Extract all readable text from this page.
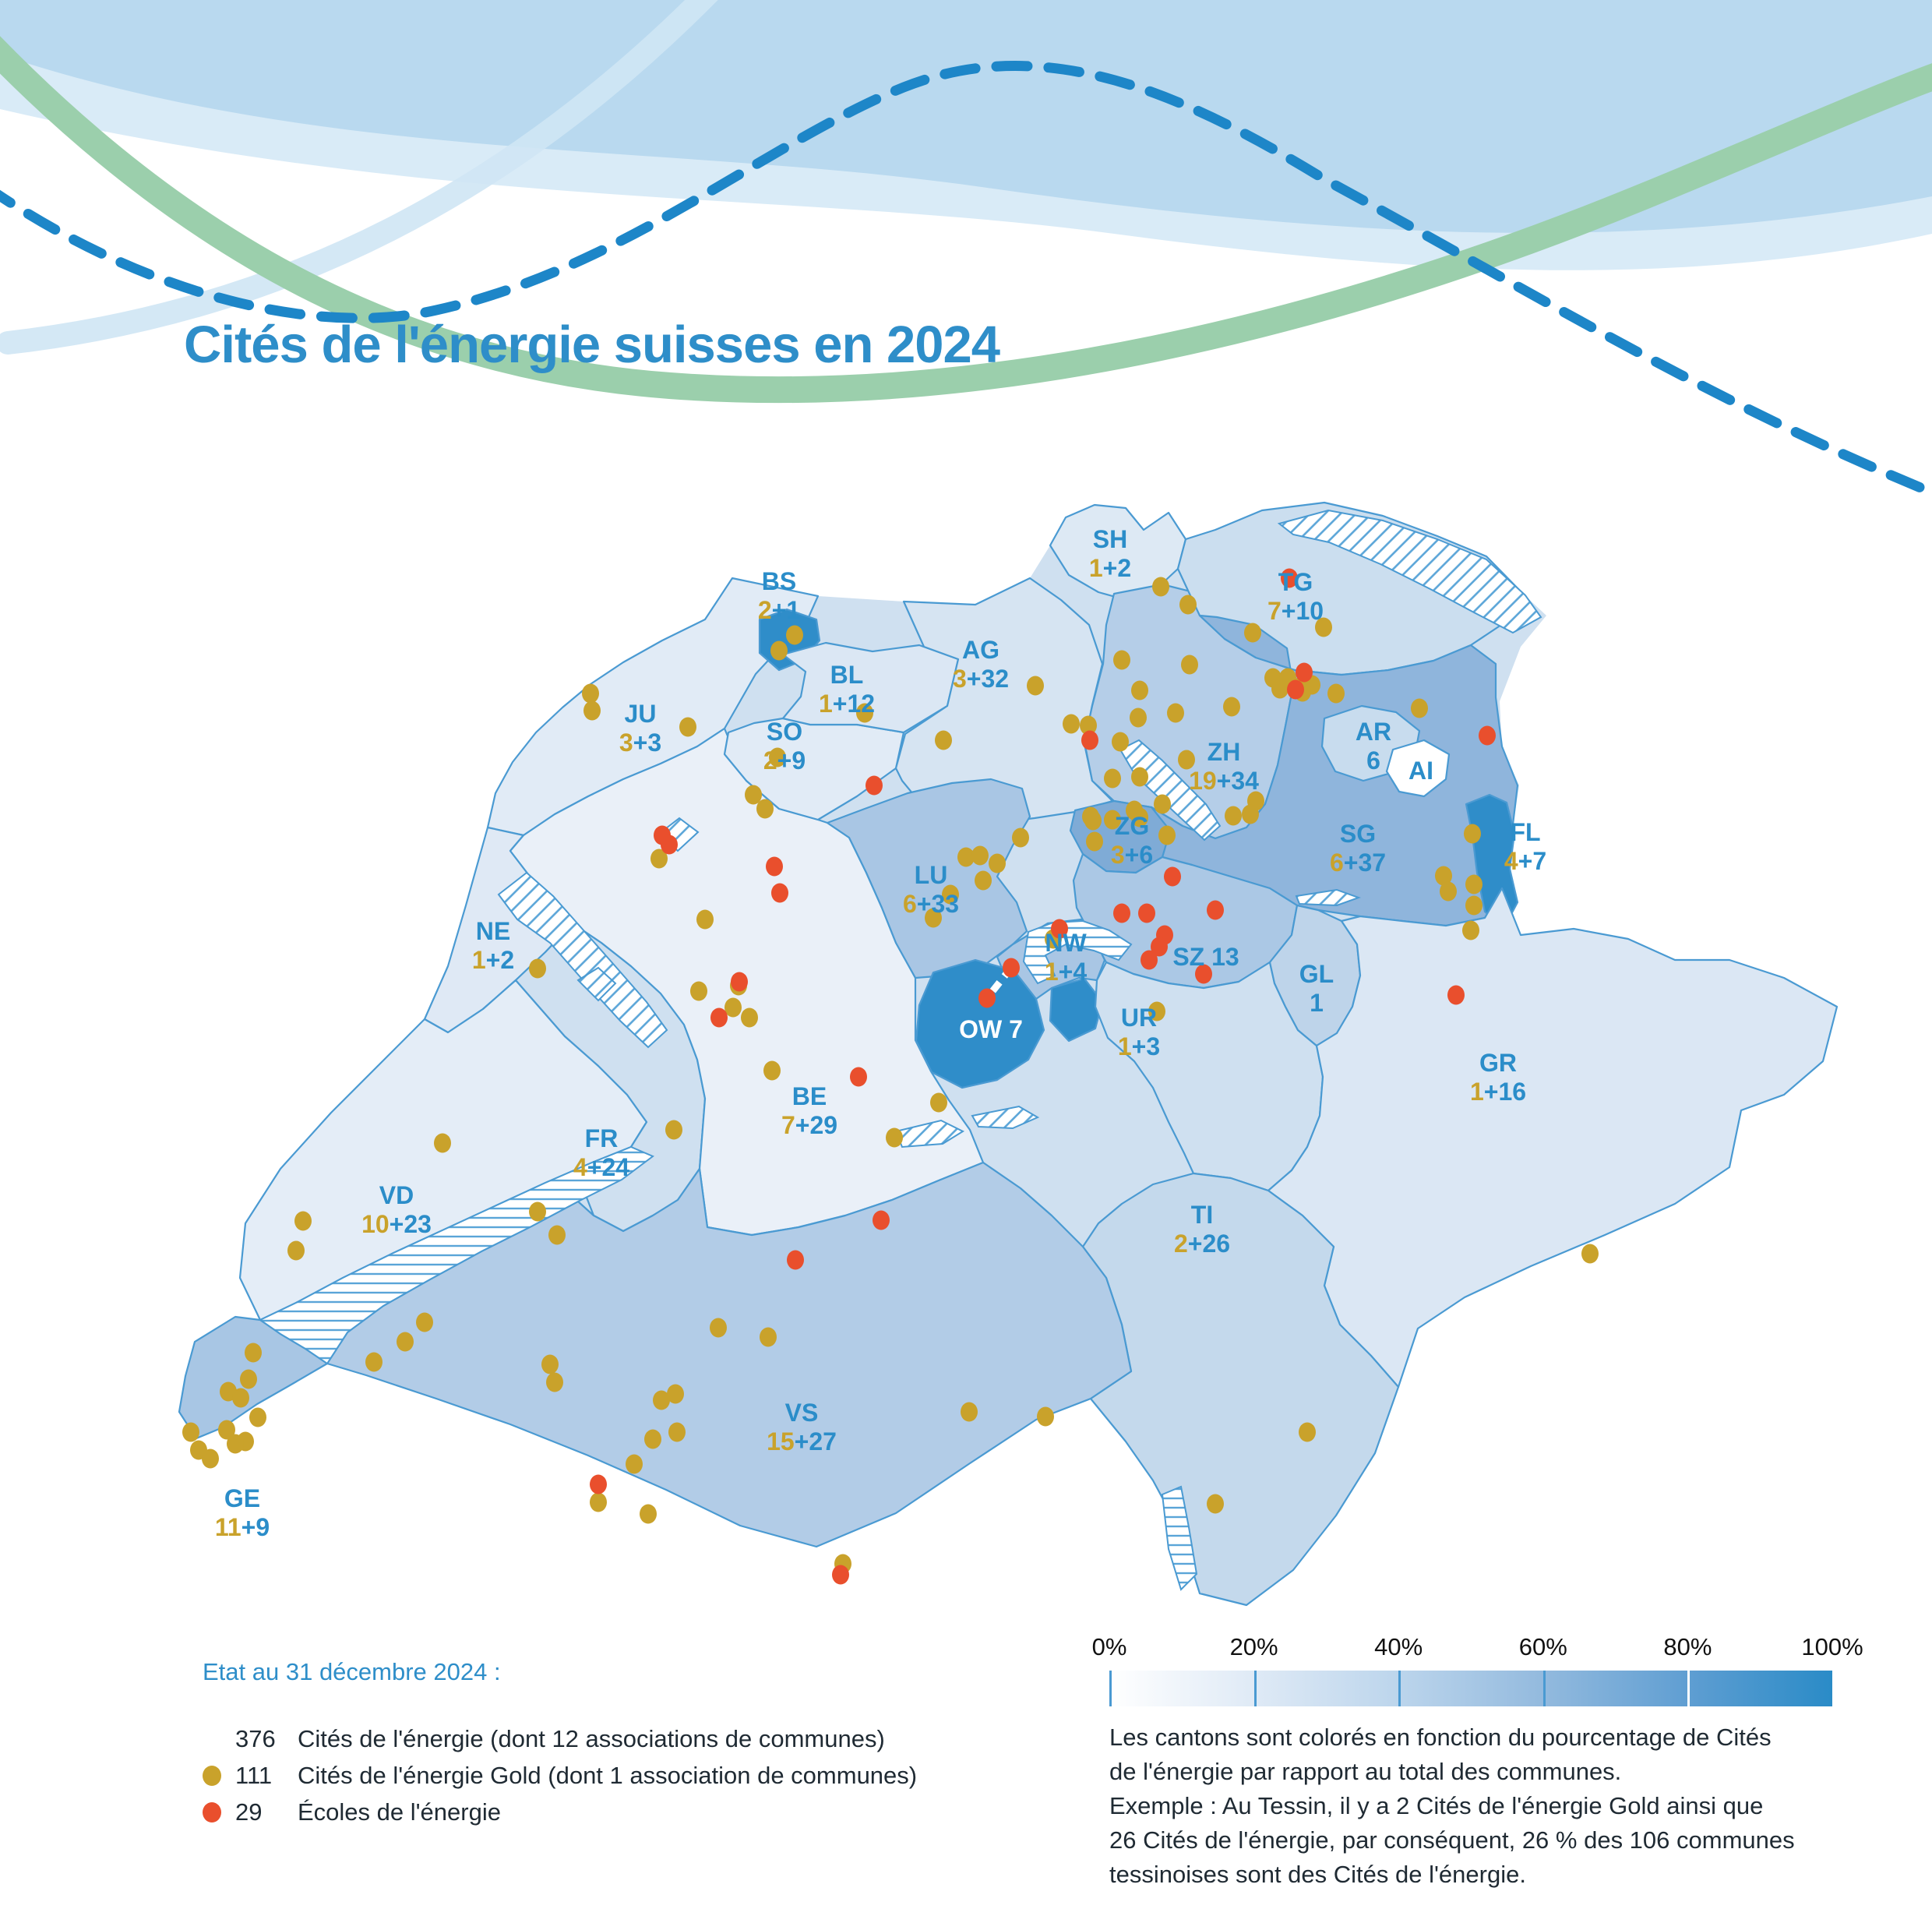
SH
1+2
BS
2+1
TG
7+10
AG
3+32
BL
1+12
JU
3+3	SO
2+9	ZH
19+34
AR
6 AI
SG
6+37
FL
4+7
ZG
3+6
LU
6+33
NE
1+2	SZ 13
GL
1
NW
1+4
OW 7	UR
1+3
BE
7+29
FR
4+24
VD
10+23
GE
11+9
VS
15+27
TI
2+26
GR
1+16
Cités de l'énergie suisses en 2024
Etat au 31 décembre 2024 :
376 Cités de l'énergie (dont 12 associations de communes)
111	Cités de l'énergie Gold (dont 1 association de communes)
29	Écoles de l'énergie
0%	20%	40%	60%	80%	100%
Les cantons sont colorés en fonction du pourcentage de Cités
de l'énergie par rapport au total des communes.
Exemple : Au Tessin, il y a 2 Cités de l'énergie Gold ainsi que
26 Cités de l'énergie, par conséquent, 26 % des 106 communes
tessinoises sont des Cités de l'énergie.
